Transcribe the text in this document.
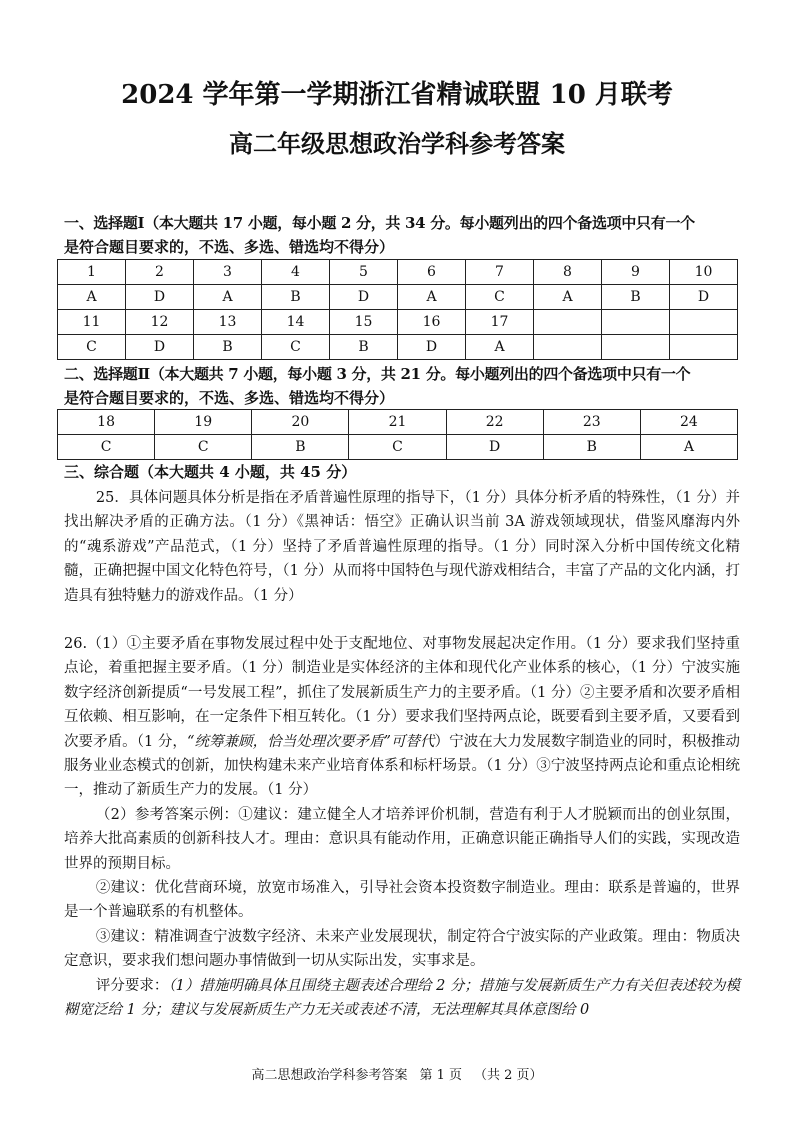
2024 学年第一学期浙江省精诚联盟 10 月联考
高二年级思想政治学科参考答案
一、选择题Ⅰ（本大题共 17 小题，每小题 2 分，共 34 分。每小题列出的四个备选项中只有一个
是符合题目要求的，不选、多选、错选均不得分）
1	2	3	4	5	6	7	8	9	10
A	D	A	B	D	A	C	A	B	D
11	12	13	14	15	16	17			
C	D	B	C	B	D	A			
二、选择题Ⅱ（本大题共 7 小题，每小题 3 分，共 21 分。每小题列出的四个备选项中只有一个
是符合题目要求的，不选、多选、错选均不得分）
18	19	20	21	22	23	24
C	C	B	C	D	B	A
三、综合题（本大题共 4 小题，共 45 分）

25．具体问题具体分析是指在矛盾普遍性原理的指导下，（1 分）具体分析矛盾的特殊性，（1 分）并找出解决矛盾的正确方法。（1 分）《黑神话：悟空》正确认识当前 3A 游戏领域现状，借鉴风靡海内外的“魂系游戏”产品范式，（1 分）坚持了矛盾普遍性原理的指导。（1 分）同时深入分析中国传统文化精髓，正确把握中国文化特色符号，（1 分）从而将中国特色与现代游戏相结合，丰富了产品的文化内涵，打造具有独特魅力的游戏作品。（1 分）

26.（1）①主要矛盾在事物发展过程中处于支配地位、对事物发展起决定作用。（1 分）要求我们坚持重点论，着重把握主要矛盾。（1 分）制造业是实体经济的主体和现代化产业体系的核心，（1 分）宁波实施数字经济创新提质“一号发展工程”，抓住了发展新质生产力的主要矛盾。（1 分）②主要矛盾和次要矛盾相互依赖、相互影响，在一定条件下相互转化。（1 分）要求我们坚持两点论，既要看到主要矛盾，又要看到次要矛盾。（1 分，“统筹兼顾，恰当处理次要矛盾”可替代）宁波在大力发展数字制造业的同时，积极推动服务业业态模式的创新，加快构建未来产业培育体系和标杆场景。（1 分）③宁波坚持两点论和重点论相统一，推动了新质生产力的发展。（1 分）

（2）参考答案示例：①建议：建立健全人才培养评价机制，营造有利于人才脱颖而出的创业氛围，培养大批高素质的创新科技人才。理由：意识具有能动作用，正确意识能正确指导人们的实践，实现改造世界的预期目标。

②建议：优化营商环境，放宽市场准入，引导社会资本投资数字制造业。理由：联系是普遍的，世界是一个普遍联系的有机整体。

③建议：精准调查宁波数字经济、未来产业发展现状，制定符合宁波实际的产业政策。理由：物质决定意识，要求我们想问题办事情做到一切从实际出发，实事求是。

评分要求：（1）措施明确具体且围绕主题表述合理给 2 分；措施与发展新质生产力有关但表述较为模糊宽泛给 1 分；建议与发展新质生产力无关或表述不清，无法理解其具体意图给 0

高二思想政治学科参考答案 第 1 页 （共 2 页）
